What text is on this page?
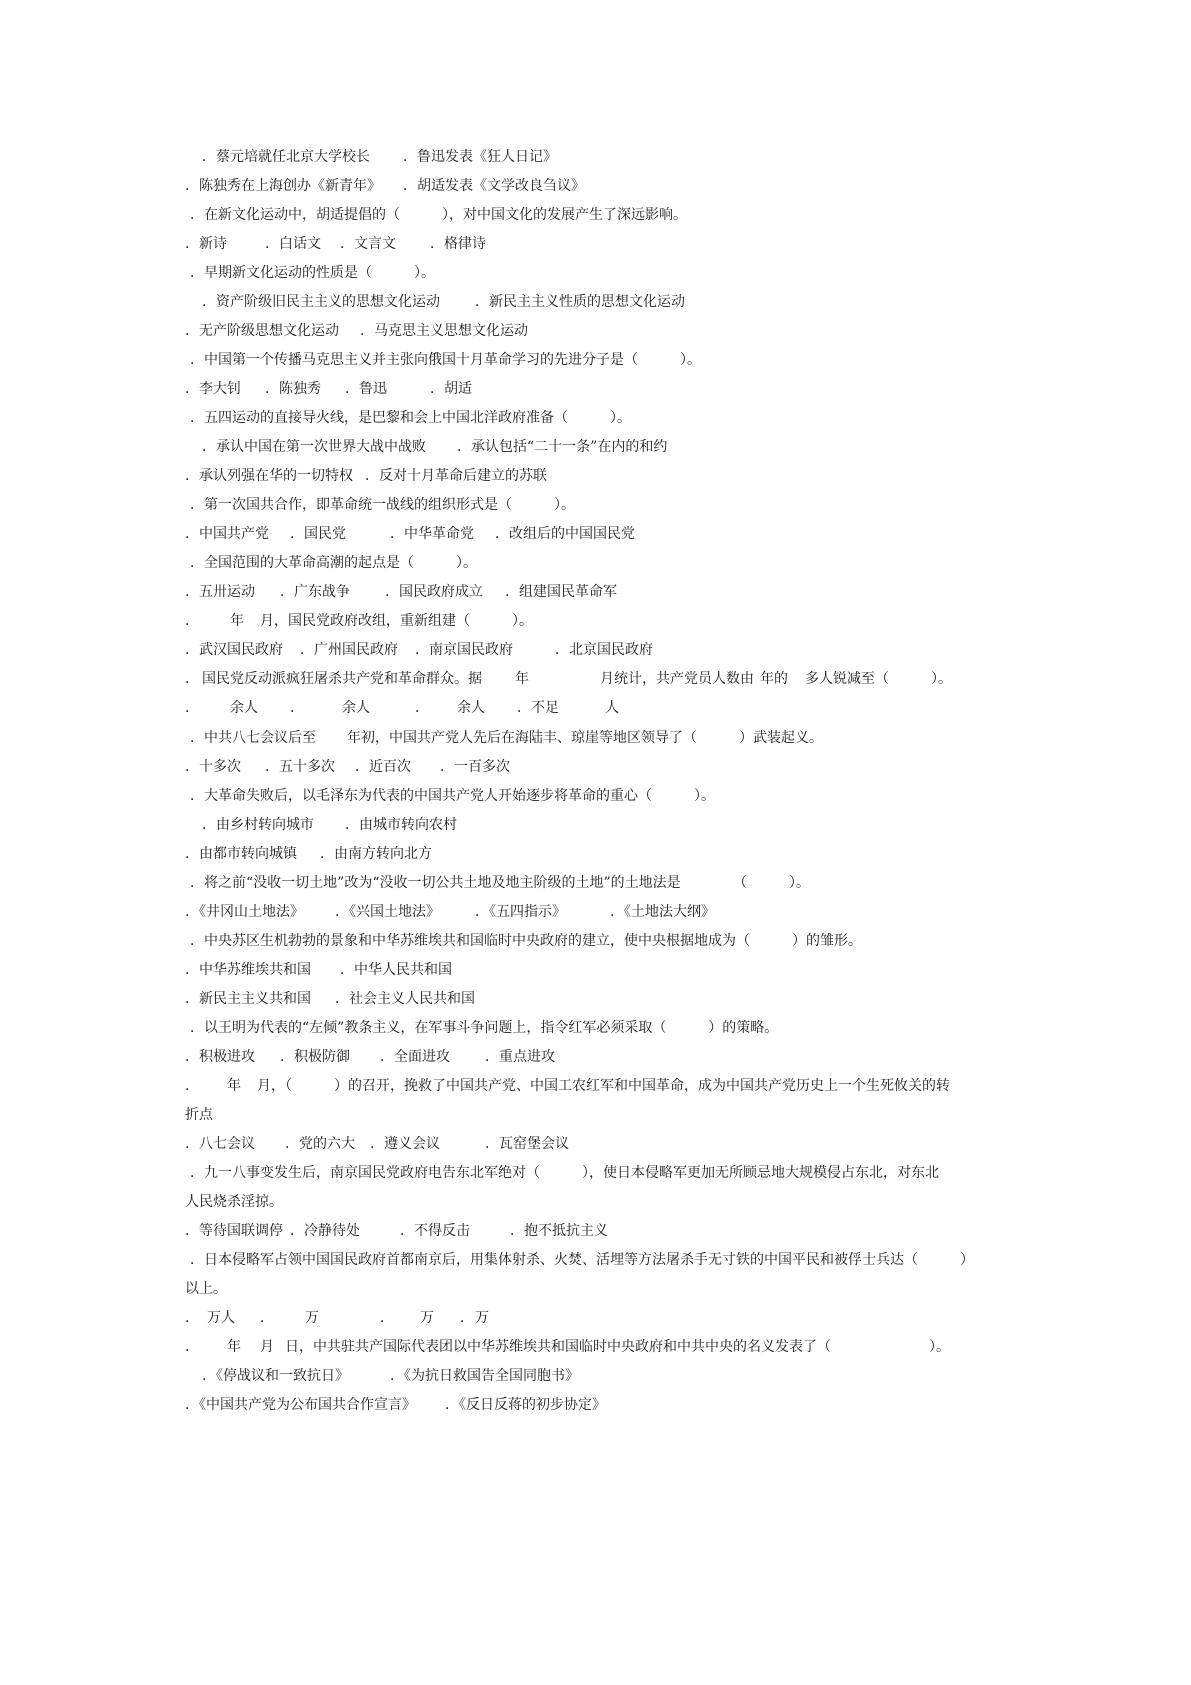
．蔡元培就任北京大学校长 ．鲁迅发表《狂人日记》
．陈独秀在上海创办《新青年》 ．胡适发表《文学改良刍议》
．在新文化运动中，胡适提倡的（　　　），对中国文化的发展产生了深远影响。
．新诗	．白话文 ．文言文 ．格律诗
．早期新文化运动的性质是（　　　）。
．资产阶级旧民主主义的思想文化运动	．新民主主义性质的思想文化运动
．无产阶级思想文化运动 ．马克思主义思想文化运动
．中国第一个传播马克思主义并主张向俄国十月革命学习的先进分子是（　　　）。
．李大钊 ．陈独秀 ．鲁迅	．胡适
．五四运动的直接导火线，是巴黎和会上中国北洋政府准备（　　　）。
．承认中国在第一次世界大战中战败 ．承认包括“二十一条”在内的和约
．承认列强在华的一切特权 ．反对十月革命后建立的苏联
．第一次国共合作，即革命统一战线的组织形式是（　　　）。
．中国共产党 ．国民党	．中华革命党 ．改组后的中国国民党
．全国范围的大革命高潮的起点是（　　　）。
．五卅运动 ．广东战争	．国民政府成立 ．组建国民革命军
． 年 月，国民党政府改组，重新组建（　　　）。
．武汉国民政府 ．广州国民政府 ．南京国民政府	．北京国民政府
． 国民党反动派疯狂屠杀共产党和革命群众。据 年	月统计，共产党员人数由 年的 多人锐减至（　　　）。
． 余人 ．	余人	． 余人 ．不足	人
．中共八七会议后至 年初，中国共产党人先后在海陆丰、琼崖等地区领导了（　　　）武装起义。
．十多次 ．五十多次 ．近百次 ．一百多次
．大革命失败后，以毛泽东为代表的中国共产党人开始逐步将革命的重心（　　　）。
．由乡村转向城市 ．由城市转向农村
．由都市转向城镇 ．由南方转向北方
．将之前“没收一切土地”改为“没收一切公共土地及地主阶级的土地”的土地法是	（　　　）。
．《井冈山土地法》 ．《兴国土地法》	．《五四指示》	．《土地法大纲》
．中央苏区生机勃勃的景象和中华苏维埃共和国临时中央政府的建立，使中央根据地成为（　　　）的雏形。
．中华苏维埃共和国 ．中华人民共和国
．新民主主义共和国 ．社会主义人民共和国
．以王明为代表的“左倾”教条主义，在军事斗争问题上，指令红军必须采取（　　　）的策略。
．积极进攻 ．积极防御 ．全面进攻	．重点进攻
． 年 月，（　　　）的召开，挽救了中国共产党、中国工农红军和中国革命，成为中国共产党历史上一个生死攸关的转
折点
．八七会议 ．党的六大 ．遵义会议	．瓦窑堡会议
．九一八事变发生后，南京国民党政府电告东北军绝对（　　　），使日本侵略军更加无所顾忌地大规模侵占东北，对东北
人民烧杀淫掠。
．等待国联调停 ．冷静待处	．不得反击	．抱不抵抗主义
．日本侵略军占领中国国民政府首都南京后，用集体射杀、火焚、活埋等方法屠杀手无寸铁的中国平民和被俘士兵达（　　　）
以上。
． 万人 ． 万	． 万 ． 万
． 年 月 日，中共驻共产国际代表团以中华苏维埃共和国临时中央政府和中共中央的名义发表了（　　　　　　　）。
．《停战议和一致抗日》	．《为抗日救国告全国同胞书》
．《中国共产党为公布国共合作宣言》 ．《反日反蒋的初步协定》
